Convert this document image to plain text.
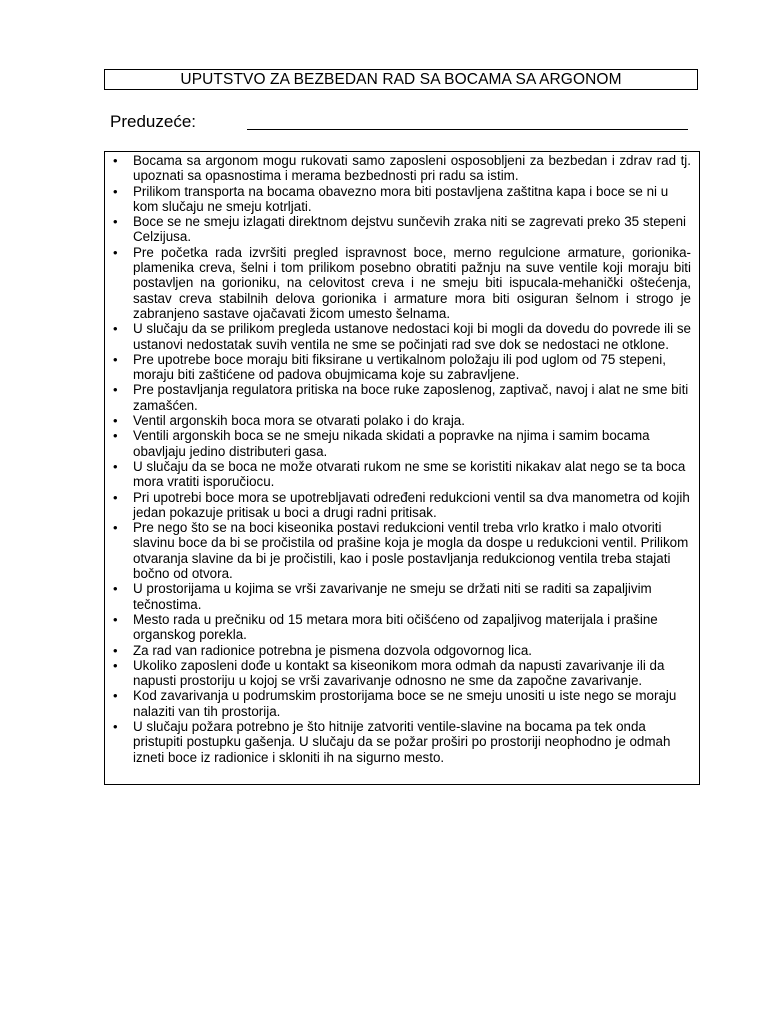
UPUTSTVO ZA BEZBEDAN RAD SA BOCAMA SA ARGONOM
Preduzeće:
• Bocama sa argonom mogu rukovati samo zaposleni osposobljeni za bezbedan i zdrav rad tj. upoznati sa opasnostima i merama bezbednosti pri radu sa istim.
• Prilikom transporta na bocama obavezno mora biti postavljena zaštitna kapa i boce se ni u kom slučaju ne smeju kotrljati.
• Boce se ne smeju izlagati direktnom dejstvu sunčevih zraka niti se zagrevati preko 35 stepeni Celzijusa.
• Pre početka rada izvršiti pregled ispravnost boce, merno regulcione armature, gorionika-plamenika creva, šelni i tom prilikom posebno obratiti pažnju na suve ventile koji moraju biti postavljen na gorioniku, na celovitost creva i ne smeju biti ispucala-mehanički oštećenja, sastav creva stabilnih delova gorionika i armature mora biti osiguran šelnom i strogo je zabranjeno sastave ojačavati žicom umesto šelnama.
• U slučaju da se prilikom pregleda ustanove nedostaci koji bi mogli da dovedu do povrede ili se ustanovi nedostatak suvih ventila ne sme se počinjati rad sve dok se nedostaci ne otklone.
• Pre upotrebe boce moraju biti fiksirane u vertikalnom položaju ili pod uglom od 75 stepeni, moraju biti zaštićene od padova obujmicama koje su zabravljene.
• Pre postavljanja regulatora pritiska na boce ruke zaposlenog, zaptivač, navoj i alat ne sme biti zamašćen.
• Ventil argonskih boca mora se otvarati polako i do kraja.
• Ventili argonskih boca se ne smeju nikada skidati a popravke na njima i samim bocama obavljaju jedino distributeri gasa.
• U slučaju da se boca ne može otvarati rukom ne sme se koristiti nikakav alat nego se ta boca mora vratiti isporučiocu.
• Pri upotrebi boce mora se upotrebljavati određeni redukcioni ventil sa dva manometra od kojih jedan pokazuje pritisak u boci a drugi radni pritisak.
• Pre nego što se na boci kiseonika postavi redukcioni ventil treba vrlo kratko i malo otvoriti slavinu boce da bi se pročistila od prašine koja je mogla da dospe u redukcioni ventil. Prilikom otvaranja slavine da bi je pročistili, kao i posle postavljanja redukcionog ventila treba stajati bočno od otvora.
• U prostorijama u kojima se vrši zavarivanje ne smeju se držati niti se raditi sa zapaljivim tečnostima.
• Mesto rada u prečniku od 15 metara mora biti očišćeno od zapaljivog materijala i prašine organskog porekla.
• Za rad van radionice potrebna je pismena dozvola odgovornog lica.
• Ukoliko zaposleni dođe u kontakt sa kiseonikom mora odmah da napusti zavarivanje ili da napusti prostoriju u kojoj se vrši zavarivanje odnosno ne sme da započne zavarivanje.
• Kod zavarivanja u podrumskim prostorijama boce se ne smeju unositi u iste nego se moraju nalaziti van tih prostorija.
• U slučaju požara potrebno je što hitnije zatvoriti ventile-slavine na bocama pa tek onda pristupiti postupku gašenja. U slučaju da se požar proširi po prostoriji neophodno je odmah izneti boce iz radionice i skloniti ih na sigurno mesto.
